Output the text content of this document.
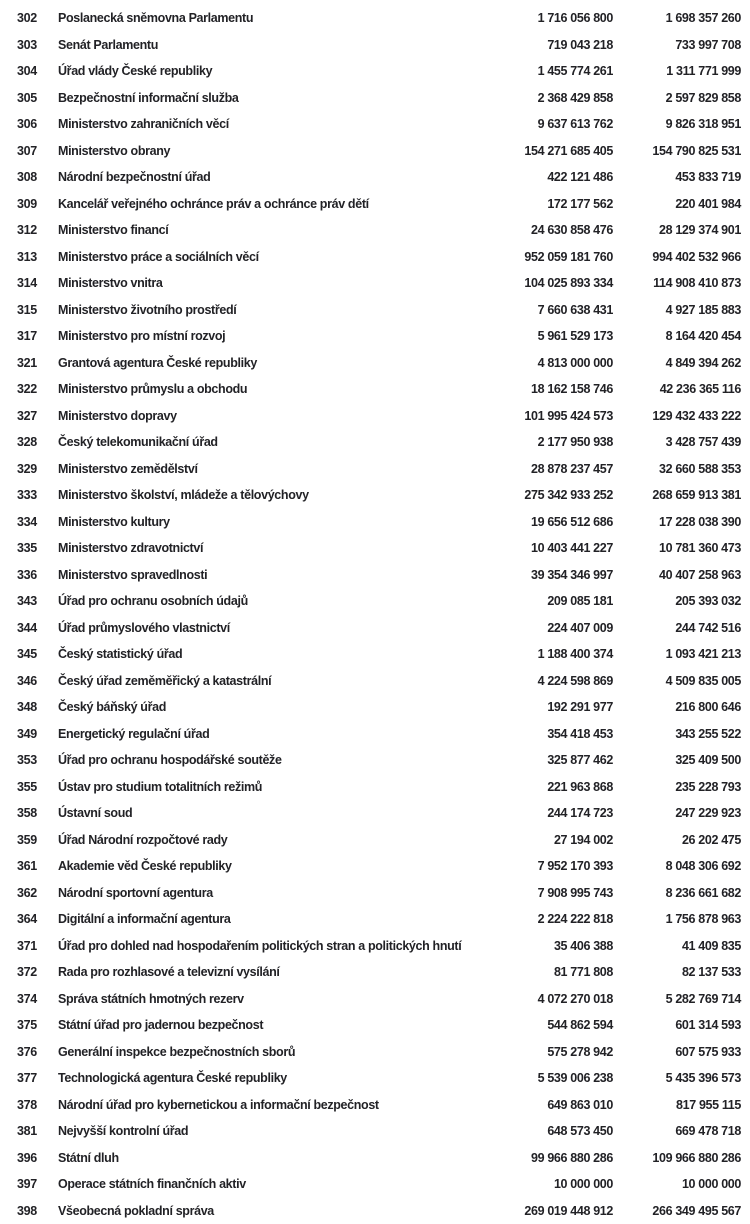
302	Poslanecká sněmovna Parlamentu	1 716 056 800	1 698 357 260
303	Senát Parlamentu	719 043 218	733 997 708
304	Úřad vlády České republiky	1 455 774 261	1 311 771 999
305	Bezpečnostní informační služba	2 368 429 858	2 597 829 858
306	Ministerstvo zahraničních věcí	9 637 613 762	9 826 318 951
307	Ministerstvo obrany	154 271 685 405	154 790 825 531
308	Národní bezpečnostní úřad	422 121 486	453 833 719
309	Kancelář veřejného ochránce práv a ochránce práv dětí	172 177 562	220 401 984
312	Ministerstvo financí	24 630 858 476	28 129 374 901
313	Ministerstvo práce a sociálních věcí	952 059 181 760	994 402 532 966
314	Ministerstvo vnitra	104 025 893 334	114 908 410 873
315	Ministerstvo životního prostředí	7 660 638 431	4 927 185 883
317	Ministerstvo pro místní rozvoj	5 961 529 173	8 164 420 454
321	Grantová agentura České republiky	4 813 000 000	4 849 394 262
322	Ministerstvo průmyslu a obchodu	18 162 158 746	42 236 365 116
327	Ministerstvo dopravy	101 995 424 573	129 432 433 222
328	Český telekomunikační úřad	2 177 950 938	3 428 757 439
329	Ministerstvo zemědělství	28 878 237 457	32 660 588 353
333	Ministerstvo školství, mládeže a tělovýchovy	275 342 933 252	268 659 913 381
334	Ministerstvo kultury	19 656 512 686	17 228 038 390
335	Ministerstvo zdravotnictví	10 403 441 227	10 781 360 473
336	Ministerstvo spravedlnosti	39 354 346 997	40 407 258 963
343	Úřad pro ochranu osobních údajů	209 085 181	205 393 032
344	Úřad průmyslového vlastnictví	224 407 009	244 742 516
345	Český statistický úřad	1 188 400 374	1 093 421 213
346	Český úřad zeměměřický a katastrální	4 224 598 869	4 509 835 005
348	Český báňský úřad	192 291 977	216 800 646
349	Energetický regulační úřad	354 418 453	343 255 522
353	Úřad pro ochranu hospodářské soutěže	325 877 462	325 409 500
355	Ústav pro studium totalitních režimů	221 963 868	235 228 793
358	Ústavní soud	244 174 723	247 229 923
359	Úřad Národní rozpočtové rady	27 194 002	26 202 475
361	Akademie věd České republiky	7 952 170 393	8 048 306 692
362	Národní sportovní agentura	7 908 995 743	8 236 661 682
364	Digitální a informační agentura	2 224 222 818	1 756 878 963
371	Úřad pro dohled nad hospodařením politických stran a politických hnutí	35 406 388	41 409 835
372	Rada pro rozhlasové a televizní vysílání	81 771 808	82 137 533
374	Správa státních hmotných rezerv	4 072 270 018	5 282 769 714
375	Státní úřad pro jadernou bezpečnost	544 862 594	601 314 593
376	Generální inspekce bezpečnostních sborů	575 278 942	607 575 933
377	Technologická agentura České republiky	5 539 006 238	5 435 396 573
378	Národní úřad pro kybernetickou a informační bezpečnost	649 863 010	817 955 115
381	Nejvyšší kontrolní úřad	648 573 450	669 478 718
396	Státní dluh	99 966 880 286	109 966 880 286
397	Operace státních finančních aktiv	10 000 000	10 000 000
398	Všeobecná pokladní správa	269 019 448 912	266 349 495 567
